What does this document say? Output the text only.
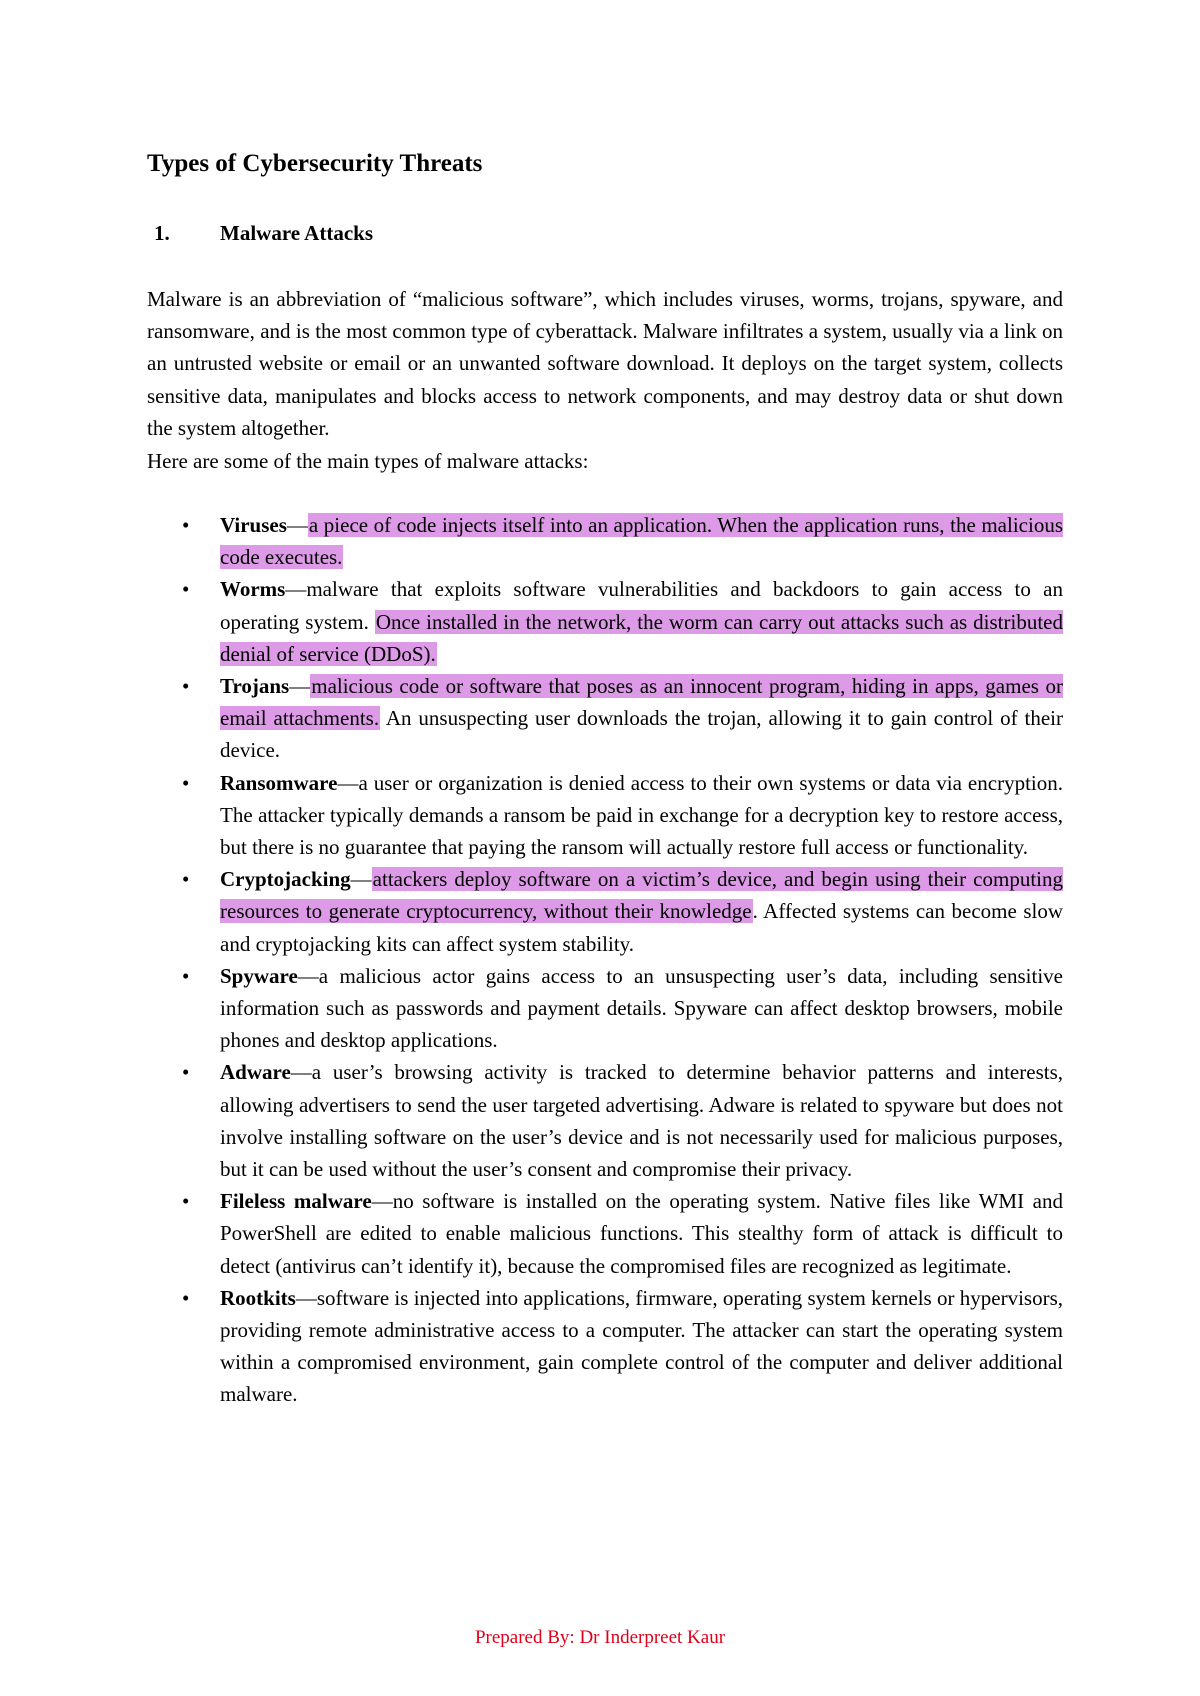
Types of Cybersecurity Threats
1. Malware Attacks

Malware is an abbreviation of “malicious software”, which includes viruses, worms, trojans, spyware, and ransomware, and is the most common type of cyberattack. Malware infiltrates a system, usually via a link on an untrusted website or email or an unwanted software download. It deploys on the target system, collects sensitive data, manipulates and blocks access to network components, and may destroy data or shut down the system altogether.

Here are some of the main types of malware attacks:

• Viruses—a piece of code injects itself into an application. When the application runs, the malicious code executes.
• Worms—malware that exploits software vulnerabilities and backdoors to gain access to an operating system. Once installed in the network, the worm can carry out attacks such as distributed denial of service (DDoS).
• Trojans—malicious code or software that poses as an innocent program, hiding in apps, games or email attachments. An unsuspecting user downloads the trojan, allowing it to gain control of their device.
• Ransomware—a user or organization is denied access to their own systems or data via encryption. The attacker typically demands a ransom be paid in exchange for a decryption key to restore access, but there is no guarantee that paying the ransom will actually restore full access or functionality.
• Cryptojacking—attackers deploy software on a victim’s device, and begin using their computing resources to generate cryptocurrency, without their knowledge. Affected systems can become slow and cryptojacking kits can affect system stability.
• Spyware—a malicious actor gains access to an unsuspecting user’s data, including sensitive information such as passwords and payment details. Spyware can affect desktop browsers, mobile phones and desktop applications.
• Adware—a user’s browsing activity is tracked to determine behavior patterns and interests, allowing advertisers to send the user targeted advertising. Adware is related to spyware but does not involve installing software on the user’s device and is not necessarily used for malicious purposes, but it can be used without the user’s consent and compromise their privacy.
• Fileless malware—no software is installed on the operating system. Native files like WMI and PowerShell are edited to enable malicious functions. This stealthy form of attack is difficult to detect (antivirus can’t identify it), because the compromised files are recognized as legitimate.
• Rootkits—software is injected into applications, firmware, operating system kernels or hypervisors, providing remote administrative access to a computer. The attacker can start the operating system within a compromised environment, gain complete control of the computer and deliver additional malware.
Prepared By: Dr Inderpreet Kaur
